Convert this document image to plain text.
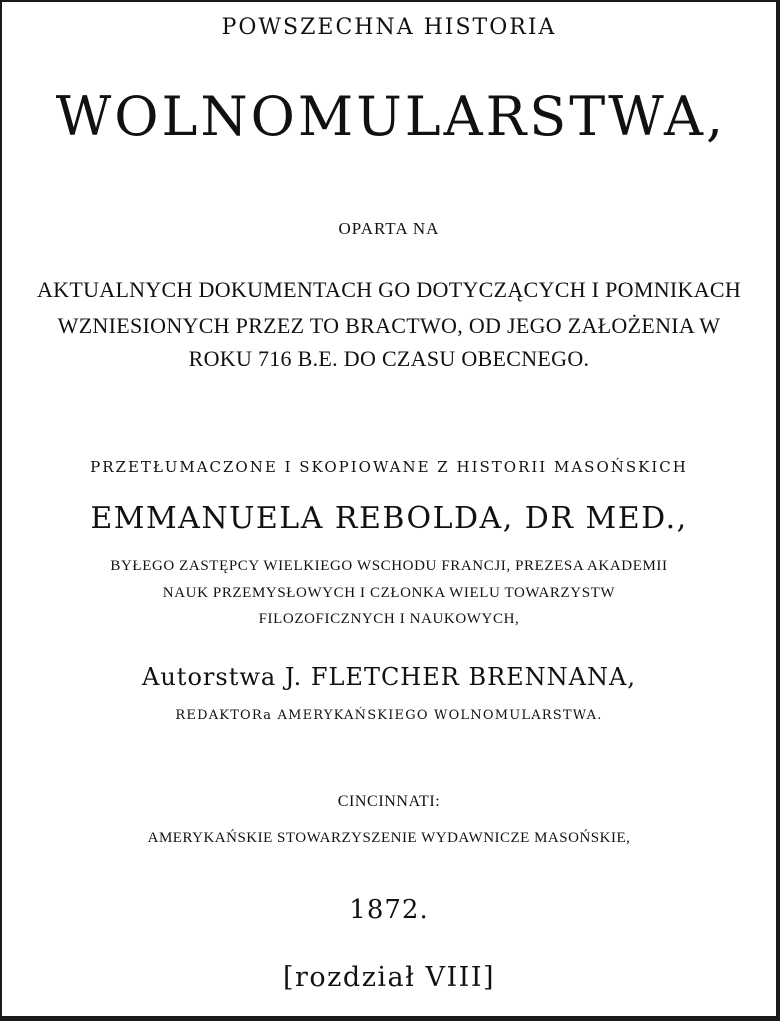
POWSZECHNA HISTORIA

WOLNOMULARSTWA,

OPARTA NA

AKTUALNYCH DOKUMENTACH GO DOTYCZĄCYCH I POMNIKACH

WZNIESIONYCH PRZEZ TO BRACTWO, OD JEGO ZAŁOŻENIA W

ROKU 716 B.E. DO CZASU OBECNEGO.

PRZETŁUMACZONE I SKOPIOWANE Z HISTORII MASOŃSKICH

EMMANUELA REBOLDA, DR MED.,

BYŁEGO ZASTĘPCY WIELKIEGO WSCHODU FRANCJI, PREZESA AKADEMII

NAUK PRZEMYSŁOWYCH I CZŁONKA WIELU TOWARZYSTW

FILOZOFICZNYCH I NAUKOWYCH,

Autorstwa J. FLETCHER BRENNANA,

REDAKTORa AMERYKAŃSKIEGO WOLNOMULARSTWA.

CINCINNATI:

AMERYKAŃSKIE STOWARZYSZENIE WYDAWNICZE MASOŃSKIE,

1872.

[rozdział VIII]
